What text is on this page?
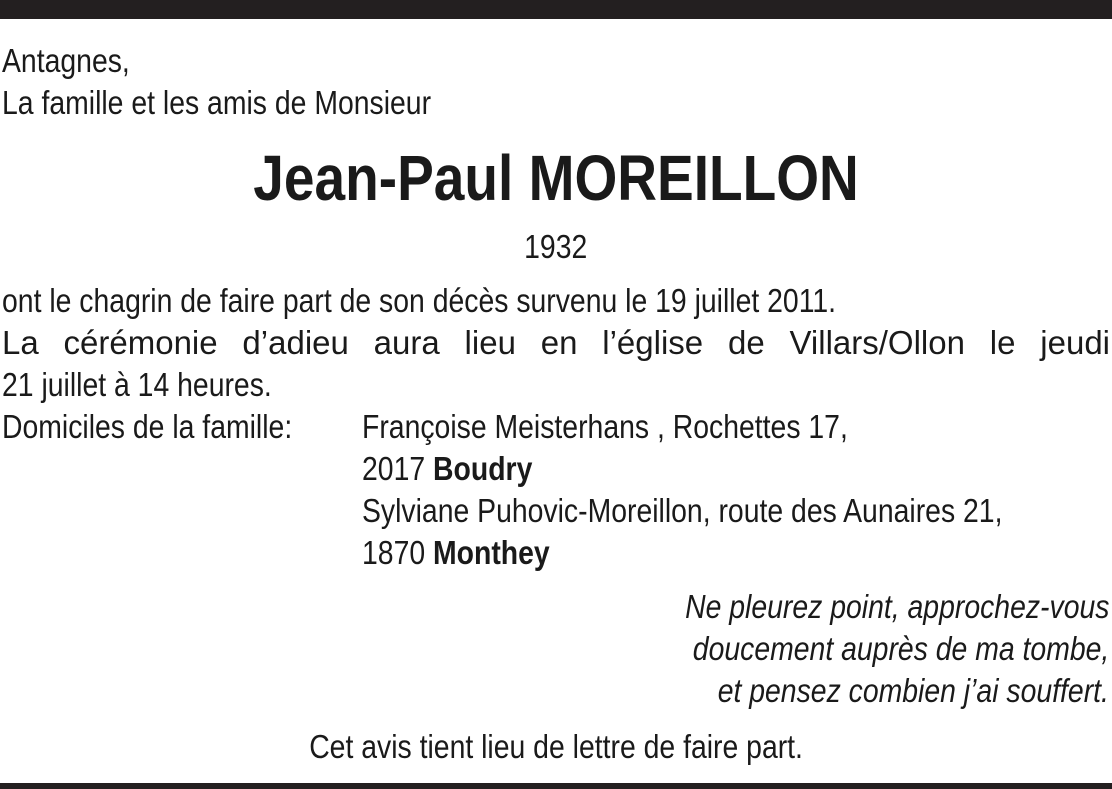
Antagnes,
La famille et les amis de Monsieur
Jean-Paul MOREILLON
1932
ont le chagrin de faire part de son décès survenu le 19 juillet 2011.
La cérémonie d’adieu aura lieu en l’église de Villars/Ollon le jeudi
21 juillet à 14 heures.
Domiciles de la famille: Françoise Meisterhans , Rochettes 17,
2017 Boudry
Sylviane Puhovic-Moreillon, route des Aunaires 21,
1870 Monthey
Ne pleurez point, approchez-vous
doucement auprès de ma tombe,
et pensez combien j’ai souffert.
Cet avis tient lieu de lettre de faire part.
